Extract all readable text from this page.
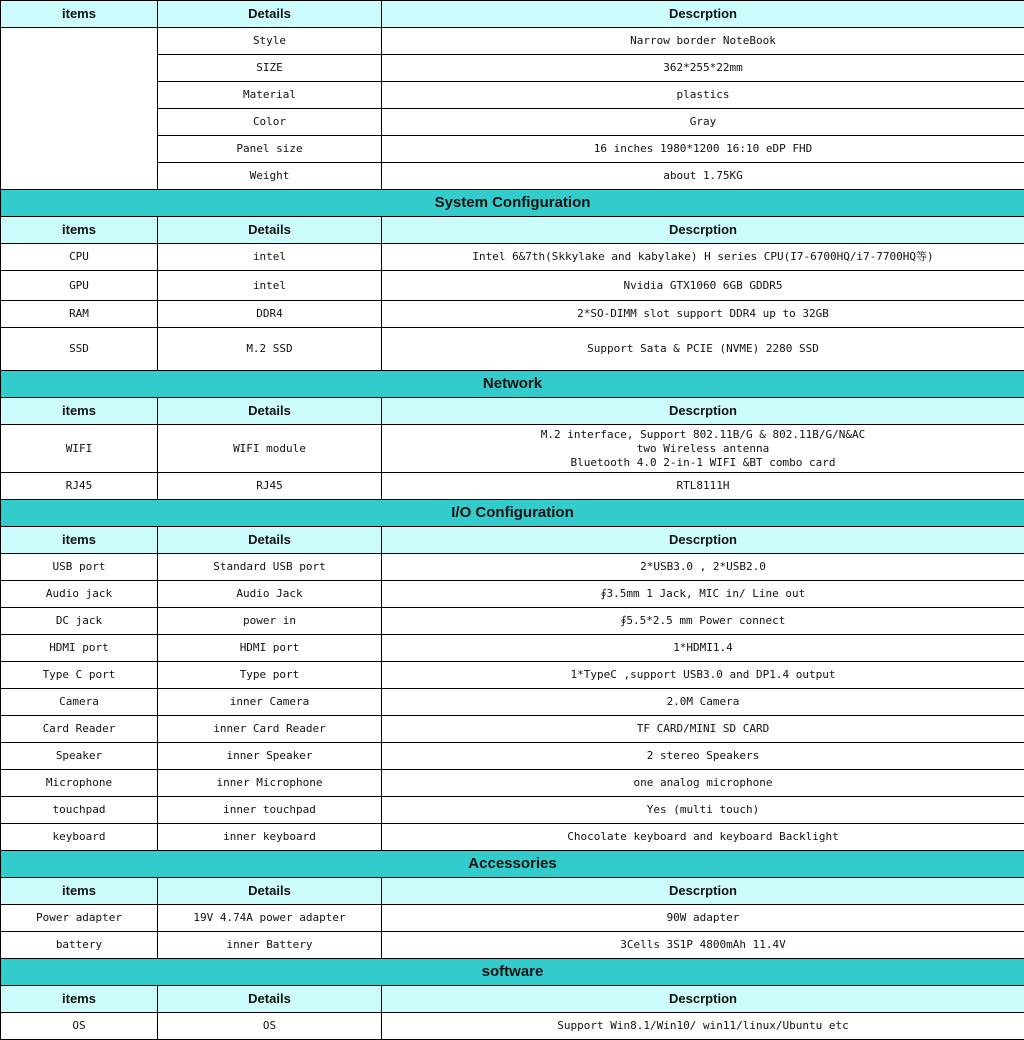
items	Details	Descrption
	Style	Narrow border NoteBook
	SIZE	362*255*22mm
	Material	plastics
	Color	Gray
	Panel size	16 inches 1980*1200 16:10 eDP FHD
	Weight	about 1.75KG
System Configuration		
items	Details	Descrption
CPU	intel	Intel 6&7th(Skkylake and kabylake) H series CPU(I7-6700HQ/i7-7700HQ等)
GPU	intel	Nvidia GTX1060 6GB GDDR5
RAM	DDR4	2*SO-DIMM slot support DDR4 up to 32GB
SSD	M.2 SSD	Support Sata & PCIE (NVME) 2280 SSD
Network		
items	Details	Descrption
WIFI	WIFI module	M.2 interface, Support 802.11B/G & 802.11B/G/N&AC
two Wireless antenna
Bluetooth 4.0 2-in-1 WIFI &BT combo card

RJ45	RJ45	RTL8111H
I/O Configuration		
items	Details	Descrption
USB port	Standard USB port	2*USB3.0 , 2*USB2.0
Audio jack	Audio Jack	∮3.5mm 1 Jack, MIC in/ Line out
DC jack	power in	∮5.5*2.5 mm Power connect
HDMI port	HDMI port	1*HDMI1.4
Type C port	Type port	1*TypeC ,support USB3.0 and DP1.4 output
Camera	inner Camera	2.0M Camera
Card Reader	inner Card Reader	TF CARD/MINI SD CARD
Speaker	inner Speaker	2 stereo Speakers
Microphone	inner Microphone	one analog microphone
touchpad	inner touchpad	Yes (multi touch)
keyboard	inner keyboard	Chocolate keyboard and keyboard Backlight
Accessories		
items	Details	Descrption
Power adapter	19V 4.74A power adapter	90W adapter
battery	inner Battery	3Cells 3S1P 4800mAh 11.4V
software		
items	Details	Descrption
OS	OS	Support Win8.1/Win10/ win11/linux/Ubuntu etc
